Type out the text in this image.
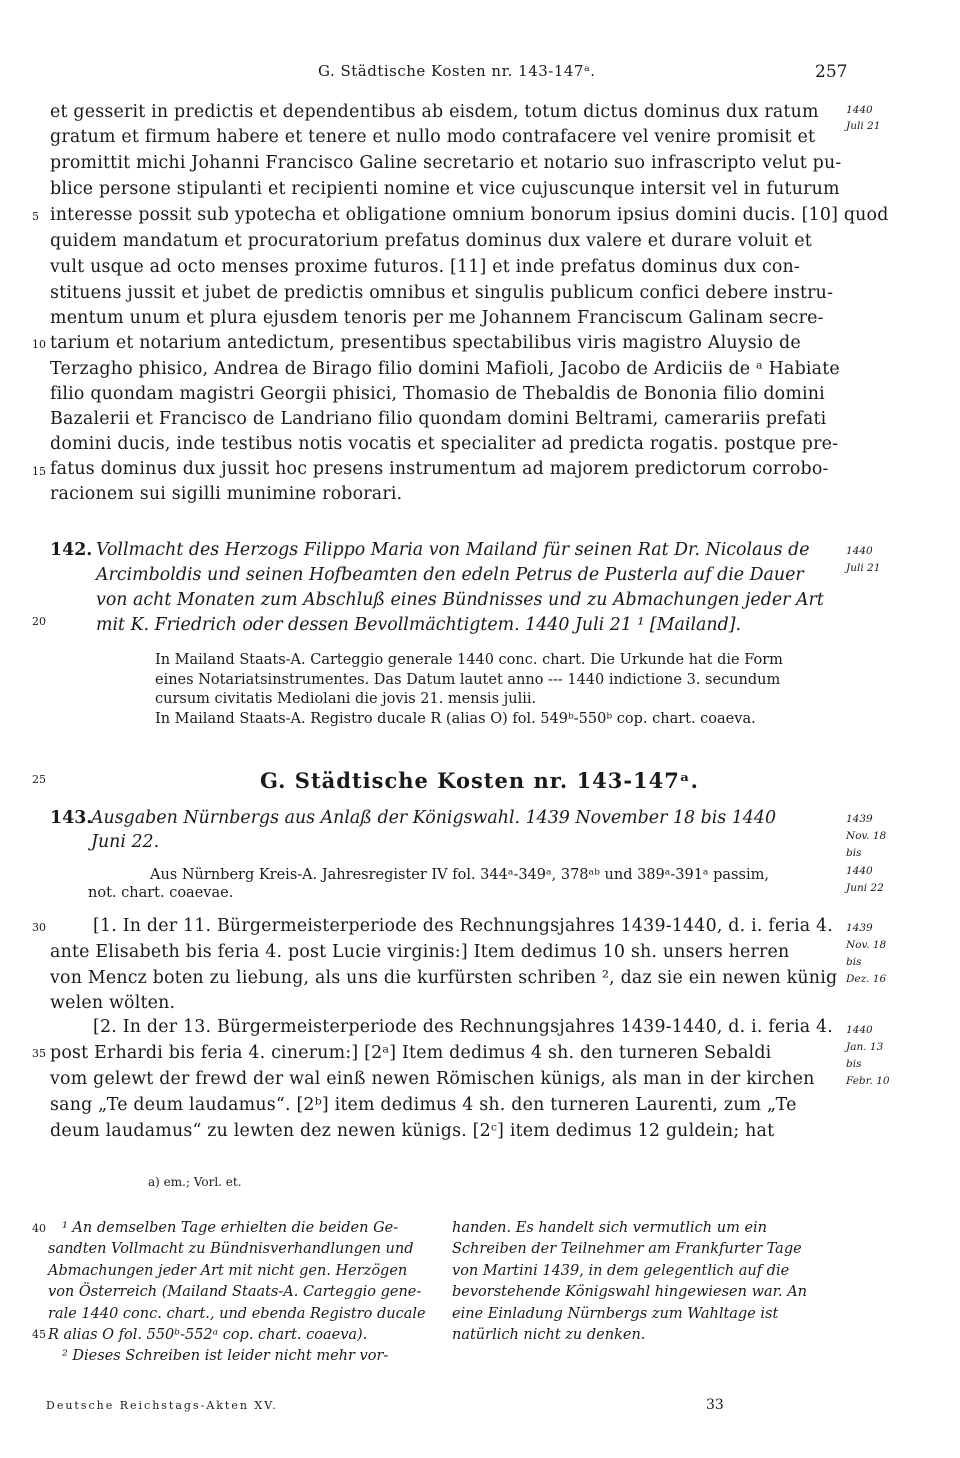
G. Städtische Kosten nr. 143-147ᵃ.	257
et gesserit in predictis et dependentibus ab eisdem, totum dictus dominus dux ratum
gratum et firmum habere et tenere et nullo modo contrafacere vel venire promisit et
promittit michi Johanni Francisco Galine secretario et notario suo infrascripto velut pu-
blice persone stipulanti et recipienti nomine et vice cujuscunque intersit vel in futurum
interesse possit sub ypotecha et obligatione omnium bonorum ipsius domini ducis. [10] quod
quidem mandatum et procuratorium prefatus dominus dux valere et durare voluit et
vult usque ad octo menses proxime futuros. [11] et inde prefatus dominus dux con-
stituens jussit et jubet de predictis omnibus et singulis publicum confici debere instru-
mentum unum et plura ejusdem tenoris per me Johannem Franciscum Galinam secre-
tarium et notarium antedictum, presentibus spectabilibus viris magistro Aluysio de
Terzagho phisico, Andrea de Birago filio domini Mafioli, Jacobo de Ardiciis de ᵃ Habiate
filio quondam magistri Georgii phisici, Thomasio de Thebaldis de Bononia filio domini
Bazalerii et Francisco de Landriano filio quondam domini Beltrami, camerariis prefati
domini ducis, inde testibus notis vocatis et specialiter ad predicta rogatis. postque pre-
fatus dominus dux jussit hoc presens instrumentum ad majorem predictorum corrobo-
racionem sui sigilli munimine roborari.
5
10
15
20
25
30
35
40
45
1440
Juli 21
1440
Juli 21
1439
Nov. 18
bis
1440
Juni 22
1439
Nov. 18
bis
Dez. 16
1440
Jan. 13
bis
Febr. 10
142. Vollmacht des Herzogs Filippo Maria von Mailand für seinen Rat Dr. Nicolaus de
Arcimboldis und seinen Hofbeamten den edeln Petrus de Pusterla auf die Dauer
von acht Monaten zum Abschluß eines Bündnisses und zu Abmachungen jeder Art
mit K. Friedrich oder dessen Bevollmächtigtem. 1440 Juli 21 ¹ [Mailand].
In Mailand Staats-A. Carteggio generale 1440 conc. chart. Die Urkunde hat die Form
eines Notariatsinstrumentes. Das Datum lautet anno --- 1440 indictione 3. secundum
cursum civitatis Mediolani die jovis 21. mensis julii.
In Mailand Staats-A. Registro ducale R (alias O) fol. 549ᵇ-550ᵇ cop. chart. coaeva.
G. Städtische Kosten nr. 143-147ᵃ.
143.
Ausgaben Nürnbergs aus Anlaß der Königswahl. 1439 November 18 bis 1440
Juni 22.
Aus Nürnberg Kreis-A. Jahresregister IV fol. 344ᵃ-349ᵃ, 378ᵃᵇ und 389ᵃ-391ᵃ passim,
not. chart. coaevae.
[1. In der 11. Bürgermeisterperiode des Rechnungsjahres 1439-1440, d. i. feria 4.
ante Elisabeth bis feria 4. post Lucie virginis:] Item dedimus 10 sh. unsers herren
von Mencz boten zu liebung, als uns die kurfürsten schriben ², daz sie ein newen künig
welen wölten.
[2. In der 13. Bürgermeisterperiode des Rechnungsjahres 1439-1440, d. i. feria 4.
post Erhardi bis feria 4. cinerum:] [2ᵃ] Item dedimus 4 sh. den turneren Sebaldi
vom gelewt der frewd der wal einß newen Römischen künigs, als man in der kirchen
sang „Te deum laudamus“. [2ᵇ] item dedimus 4 sh. den turneren Laurenti, zum „Te
deum laudamus“ zu lewten dez newen künigs. [2ᶜ] item dedimus 12 guldein; hat
a) em.; Vorl. et.
¹ An demselben Tage erhielten die beiden Ge-
sandten Vollmacht zu Bündnisverhandlungen und
Abmachungen jeder Art mit nicht gen. Herzögen
von Österreich (Mailand Staats-A. Carteggio gene-
rale 1440 conc. chart., und ebenda Registro ducale
R alias O fol. 550ᵇ-552ᵃ cop. chart. coaeva).
² Dieses Schreiben ist leider nicht mehr vor-
handen. Es handelt sich vermutlich um ein
Schreiben der Teilnehmer am Frankfurter Tage
von Martini 1439, in dem gelegentlich auf die
bevorstehende Königswahl hingewiesen war. An
eine Einladung Nürnbergs zum Wahltage ist
natürlich nicht zu denken.
Deutsche Reichstags-Akten XV.	33
